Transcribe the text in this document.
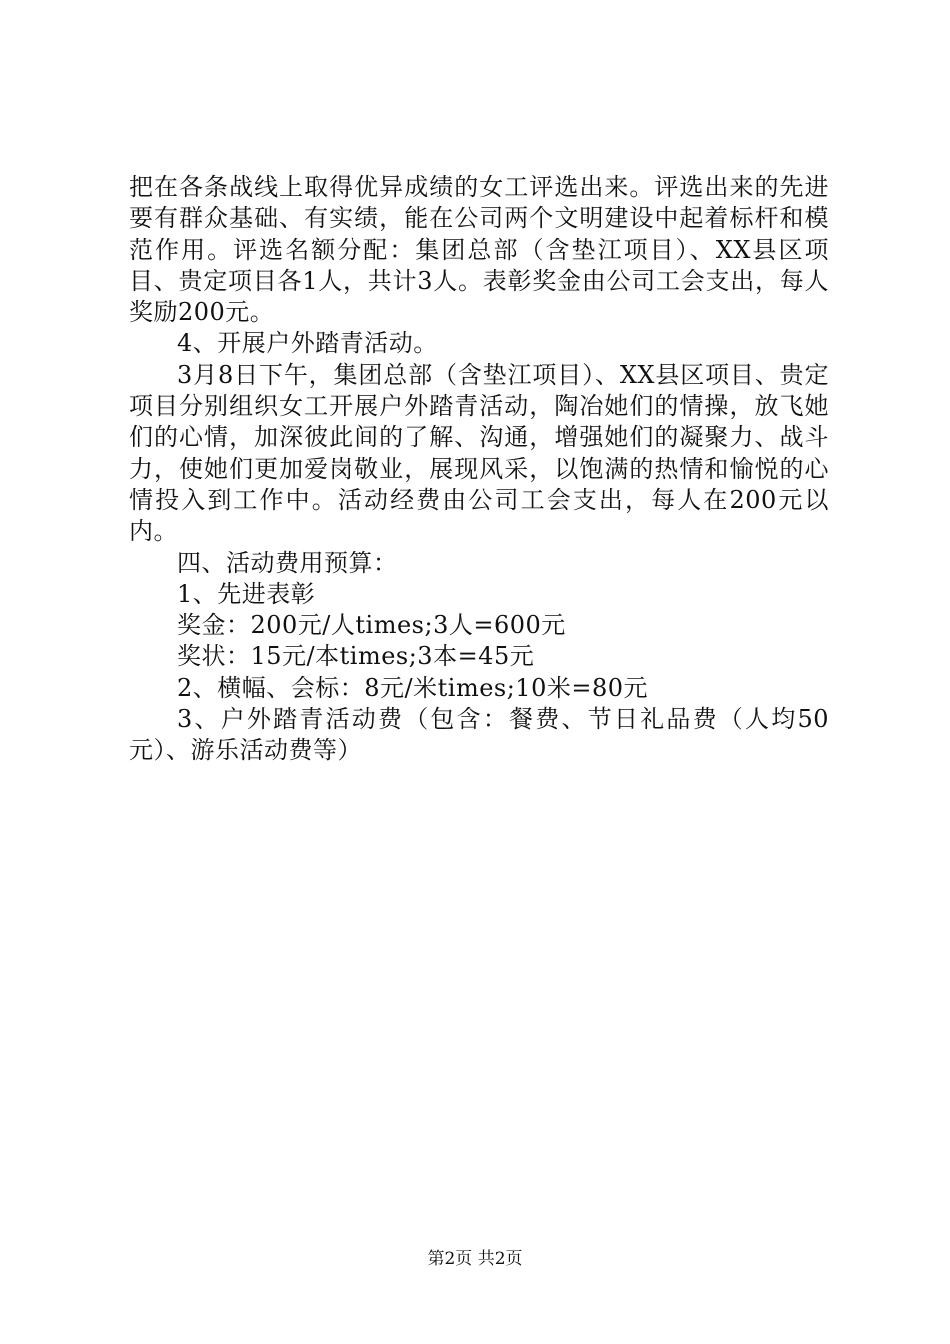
把在各条战线上取得优异成绩的女工评选出来。评选出来的先进要有群众基础、有实绩，能在公司两个文明建设中起着标杆和模范作用。评选名额分配：集团总部（含垫江项目）、XX县区项目、贵定项目各1人，共计3人。表彰奖金由公司工会支出，每人奖励200元。

4、开展户外踏青活动。

3月8日下午，集团总部（含垫江项目）、XX县区项目、贵定项目分别组织女工开展户外踏青活动，陶冶她们的情操，放飞她们的心情，加深彼此间的了解、沟通，增强她们的凝聚力、战斗力，使她们更加爱岗敬业，展现风采，以饱满的热情和愉悦的心情投入到工作中。活动经费由公司工会支出，每人在200元以内。

四、活动费用预算：

1、先进表彰

奖金：200元/人times;3人=600元

奖状：15元/本times;3本=45元

2、横幅、会标：8元/米times;10米=80元

3、户外踏青活动费（包含：餐费、节日礼品费（人均50元）、游乐活动费等）

第2页 共2页
